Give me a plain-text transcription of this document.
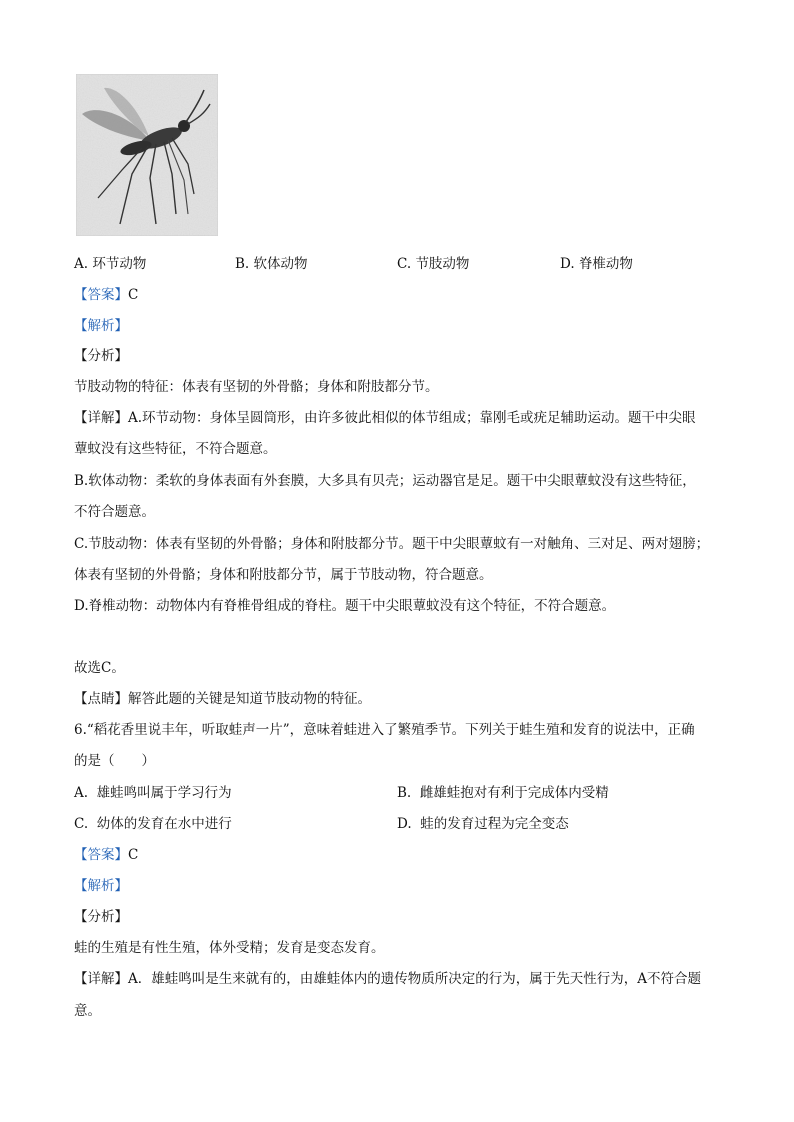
A. 环节动物	B. 软体动物	C. 节肢动物	D. 脊椎动物
【答案】C
【解析】
【分析】
节肢动物的特征：体表有坚韧的外骨骼；身体和附肢都分节。
【详解】A.环节动物：身体呈圆筒形，由许多彼此相似的体节组成；靠刚毛或疣足辅助运动。题干中尖眼
蕈蚊没有这些特征，不符合题意。
B.软体动物：柔软的身体表面有外套膜，大多具有贝壳；运动器官是足。题干中尖眼蕈蚊没有这些特征，
不符合题意。
C.节肢动物：体表有坚韧的外骨骼；身体和附肢都分节。题干中尖眼蕈蚊有一对触角、三对足、两对翅膀；
体表有坚韧的外骨骼；身体和附肢都分节，属于节肢动物，符合题意。
D.脊椎动物：动物体内有脊椎骨组成的脊柱。题干中尖眼蕈蚊没有这个特征，不符合题意。
故选C。
【点睛】解答此题的关键是知道节肢动物的特征。
6.“稻花香里说丰年，听取蛙声一片”，意味着蛙进入了繁殖季节。下列关于蛙生殖和发育的说法中，正确
的是（　　）
A. 雄蛙鸣叫属于学习行为	B. 雌雄蛙抱对有利于完成体内受精
C. 幼体的发育在水中进行	D. 蛙的发育过程为完全变态
【答案】C
【解析】
【分析】
蛙的生殖是有性生殖，体外受精；发育是变态发育。
【详解】A．雄蛙鸣叫是生来就有的，由雄蛙体内的遗传物质所决定的行为，属于先天性行为，A不符合题
意。
